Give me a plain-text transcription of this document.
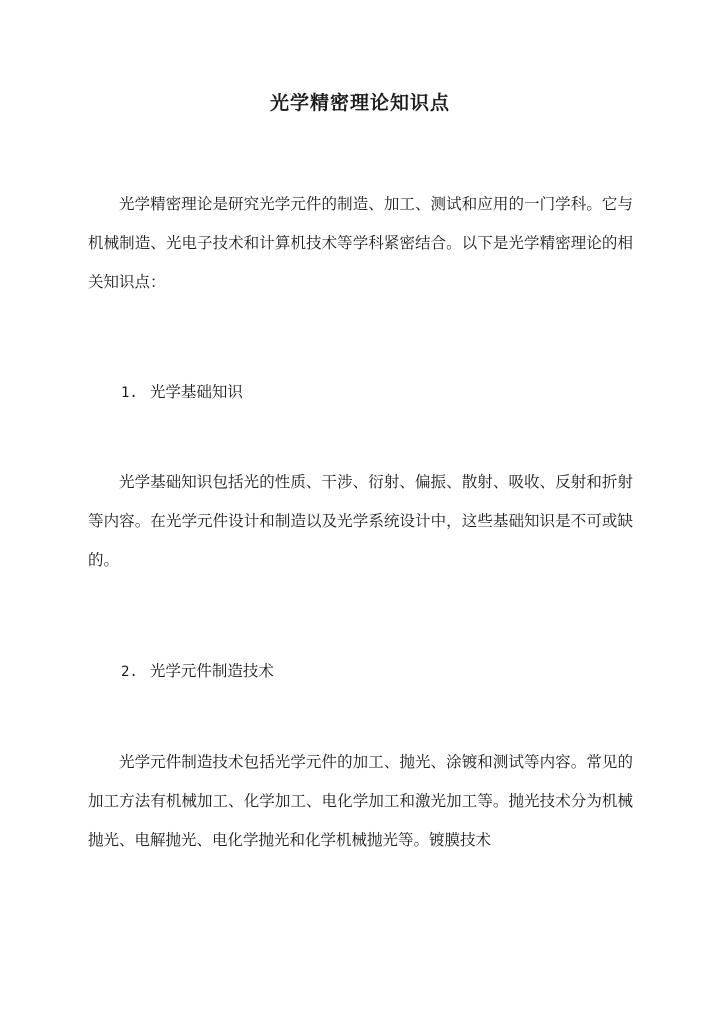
光学精密理论知识点

光学精密理论是研究光学元件的制造、加工、测试和应用的一门学科。它与机械制造、光电子技术和计算机技术等学科紧密结合。以下是光学精密理论的相关知识点：

1. 光学基础知识

光学基础知识包括光的性质、干涉、衍射、偏振、散射、吸收、反射和折射等内容。在光学元件设计和制造以及光学系统设计中，这些基础知识是不可或缺的。

2. 光学元件制造技术

光学元件制造技术包括光学元件的加工、抛光、涂镀和测试等内容。常见的加工方法有机械加工、化学加工、电化学加工和激光加工等。抛光技术分为机械抛光、电解抛光、电化学抛光和化学机械抛光等。镀膜技术
